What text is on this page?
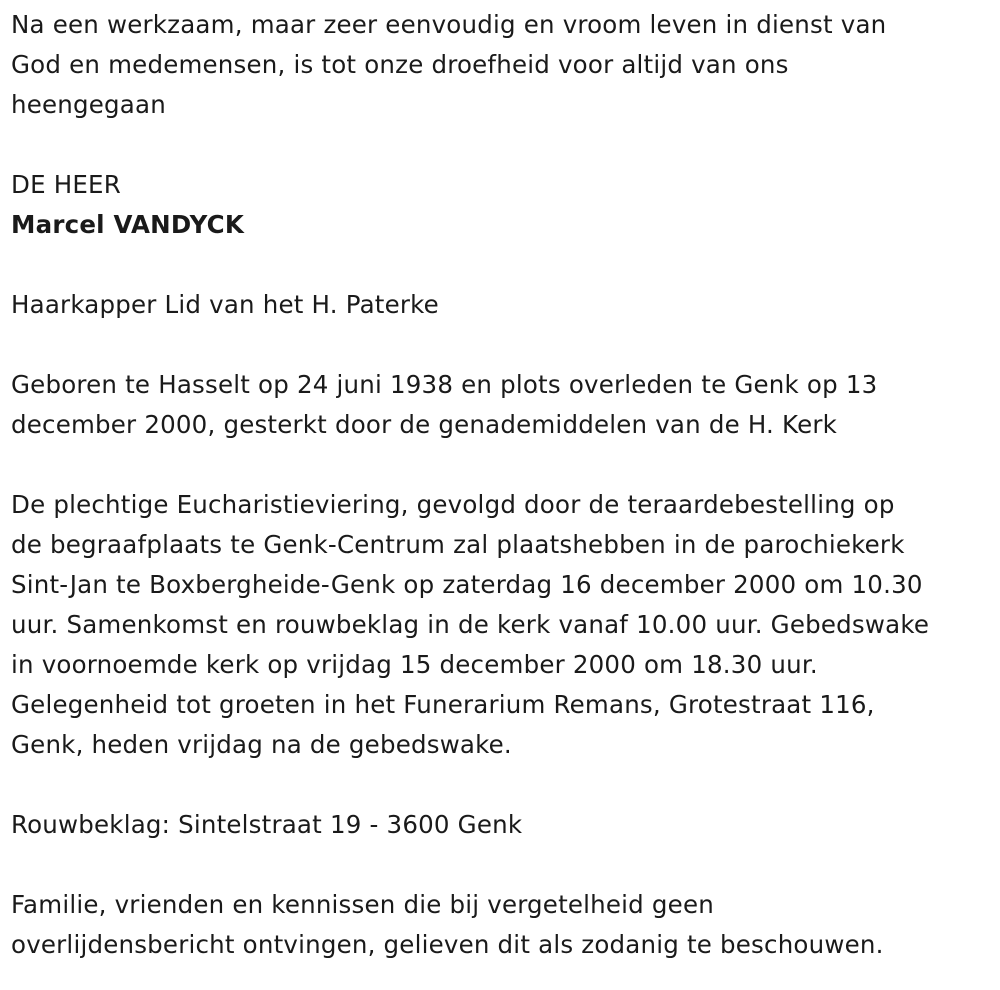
Na een werkzaam, maar zeer eenvoudig en vroom leven in dienst van
God en medemensen, is tot onze droefheid voor altijd van ons
heengegaan

DE HEER

Marcel VANDYCK

Haarkapper Lid van het H. Paterke

Geboren te Hasselt op 24 juni 1938 en plots overleden te Genk op 13
december 2000, gesterkt door de genademiddelen van de H. Kerk

De plechtige Eucharistieviering, gevolgd door de teraardebestelling op
de begraafplaats te Genk-Centrum zal plaatshebben in de parochiekerk
Sint-Jan te Boxbergheide-Genk op zaterdag 16 december 2000 om 10.30
uur. Samenkomst en rouwbeklag in de kerk vanaf 10.00 uur. Gebedswake
in voornoemde kerk op vrijdag 15 december 2000 om 18.30 uur.
Gelegenheid tot groeten in het Funerarium Remans, Grotestraat 116,
Genk, heden vrijdag na de gebedswake.

Rouwbeklag: Sintelstraat 19 - 3600 Genk

Familie, vrienden en kennissen die bij vergetelheid geen
overlijdensbericht ontvingen, gelieven dit als zodanig te beschouwen.
